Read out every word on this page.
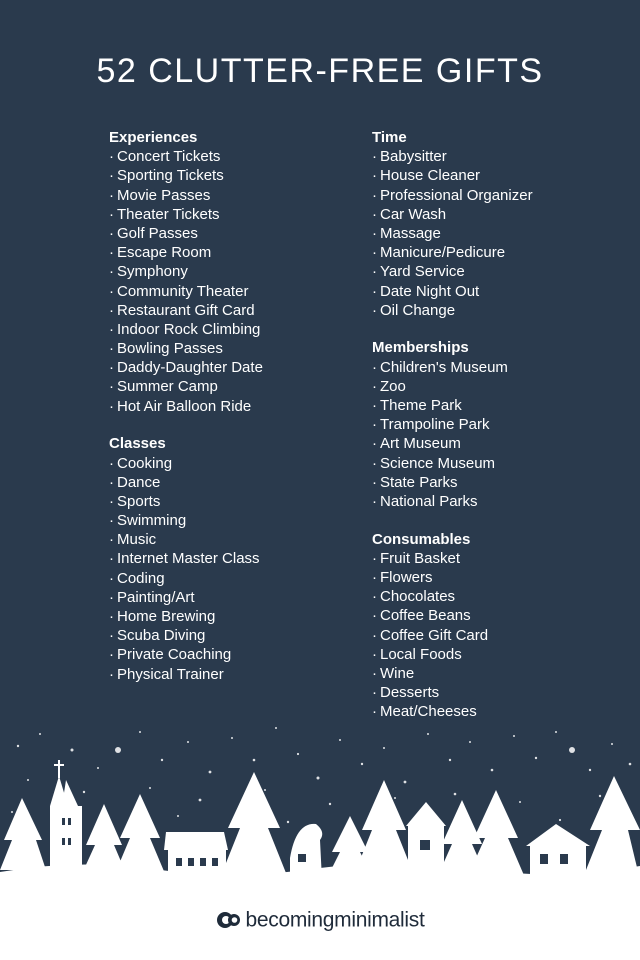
52 CLUTTER-FREE GIFTS
Experiences
· Concert Tickets
· Sporting Tickets
· Movie Passes
· Theater Tickets
· Golf Passes
· Escape Room
· Symphony
· Community Theater
· Restaurant Gift Card
· Indoor Rock Climbing
· Bowling Passes
· Daddy-Daughter Date
· Summer Camp
· Hot Air Balloon Ride
Classes
· Cooking
· Dance
· Sports
· Swimming
· Music
· Internet Master Class
· Coding
· Painting/Art
· Home Brewing
· Scuba Diving
· Private Coaching
· Physical Trainer
Time
· Babysitter
· House Cleaner
· Professional Organizer
· Car Wash
· Massage
· Manicure/Pedicure
· Yard Service
· Date Night Out
· Oil Change
Memberships
· Children's Museum
· Zoo
· Theme Park
· Trampoline Park
· Art Museum
· Science Museum
· State Parks
· National Parks
Consumables
· Fruit Basket
· Flowers
· Chocolates
· Coffee Beans
· Coffee Gift Card
· Local Foods
· Wine
· Desserts
· Meat/Cheeses
becomingminimalist
